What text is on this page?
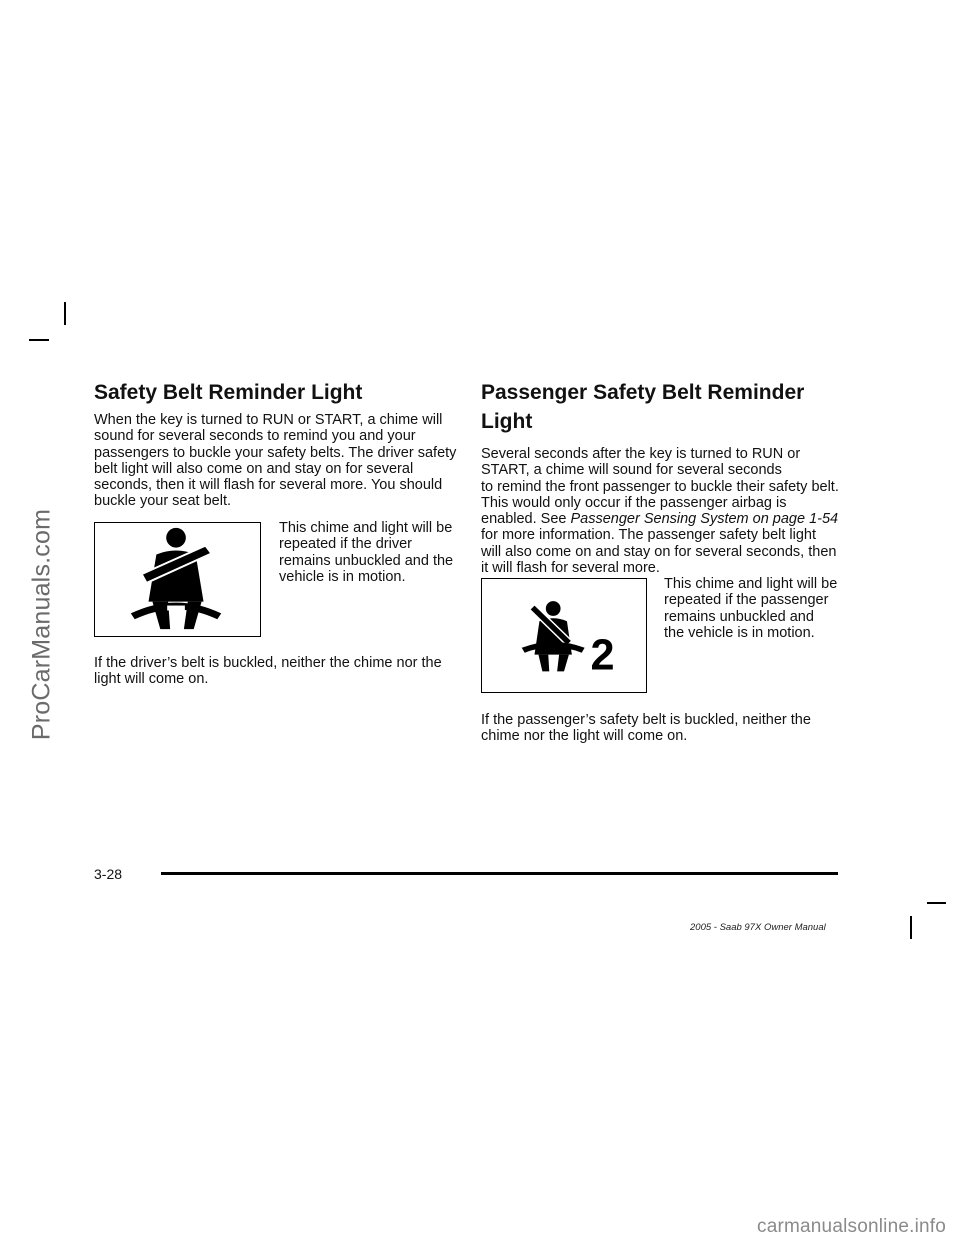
ProCarManuals.com
Safety Belt Reminder Light

When the key is turned to RUN or START, a chime will
sound for several seconds to remind you and your
passengers to buckle your safety belts. The driver safety
belt light will also come on and stay on for several
seconds, then it will flash for several more. You should
buckle your seat belt.

This chime and light will be
repeated if the driver
remains unbuckled and the
vehicle is in motion.

If the driver’s belt is buckled, neither the chime nor the
light will come on.

Passenger Safety Belt Reminder
Light

Several seconds after the key is turned to RUN or
START, a chime will sound for several seconds
to remind the front passenger to buckle their safety belt.
This would only occur if the passenger airbag is
enabled. See Passenger Sensing System on page 1-54
for more information. The passenger safety belt light
will also come on and stay on for several seconds, then
it will flash for several more.

2

This chime and light will be
repeated if the passenger
remains unbuckled and
the vehicle is in motion.

If the passenger’s safety belt is buckled, neither the
chime nor the light will come on.

3-28
2005 - Saab 97X Owner Manual
carmanualsonline.info
